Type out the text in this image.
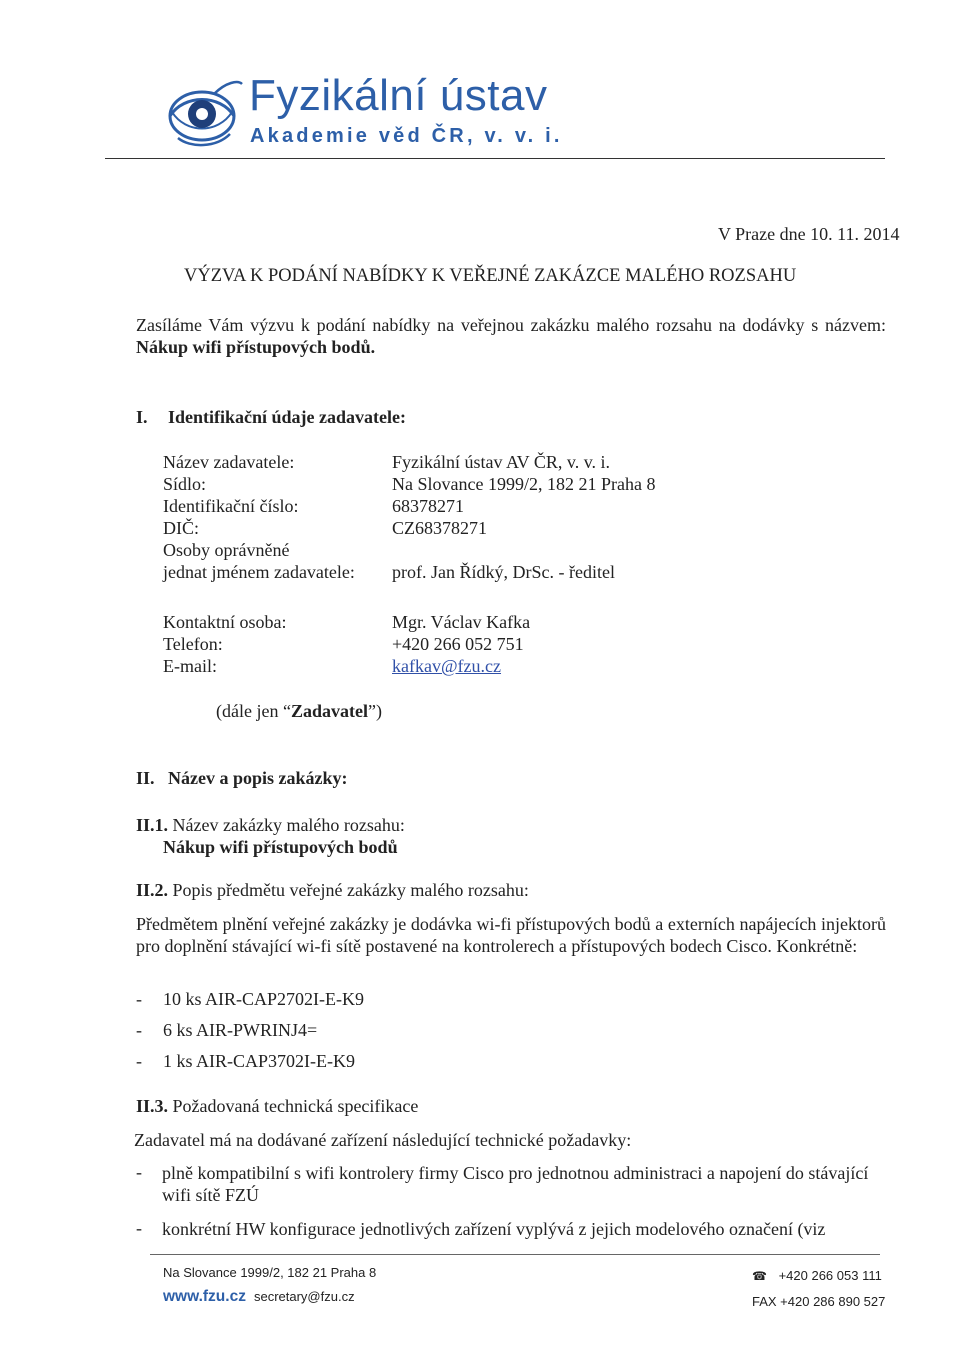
Fyzikální ústav
Akademie věd ČR, v. v. i.
V Praze dne 10. 11. 2014
VÝZVA K PODÁNÍ NABÍDKY K VEŘEJNÉ ZAKÁZCE MALÉHO ROZSAHU
Zasíláme Vám výzvu k podání nabídky na veřejnou zakázku malého rozsahu na dodávky s názvem: Nákup wifi přístupových bodů.
I. Identifikační údaje zadavatele:
Název zadavatele:	Fyzikální ústav AV ČR, v. v. i.
Sídlo:	Na Slovance 1999/2, 182 21 Praha 8
Identifikační číslo:	68378271
DIČ:	CZ68378271
Osoby oprávněné
jednat jménem zadavatele: prof. Jan Řídký, DrSc. - ředitel
Kontaktní osoba:	Mgr. Václav Kafka
Telefon:	+420 266 052 751
E-mail:	kafkav@fzu.cz
(dále jen “Zadavatel”)
II. Název a popis zakázky:
II.1. Název zakázky malého rozsahu:
Nákup wifi přístupových bodů
II.2. Popis předmětu veřejné zakázky malého rozsahu:
Předmětem plnění veřejné zakázky je dodávka wi-fi přístupových bodů a externích napájecích injektorů pro doplnění stávající wi-fi sítě postavené na kontrolerech a přístupových bodech Cisco. Konkrétně:
- 10 ks AIR-CAP2702I-E-K9
- 6 ks AIR-PWRINJ4=
- 1 ks AIR-CAP3702I-E-K9
II.3. Požadovaná technická specifikace
Zadavatel má na dodávané zařízení následující technické požadavky:
- plně kompatibilní s wifi kontrolery firmy Cisco pro jednotnou administraci a napojení do stávající wifi sítě FZÚ
- konkrétní HW konfigurace jednotlivých zařízení vyplývá z jejich modelového označení (viz
Na Slovance 1999/2, 182 21 Praha 8
www.fzu.cz secretary@fzu.cz
☎ +420 266 053 111
FAX +420 286 890 527
